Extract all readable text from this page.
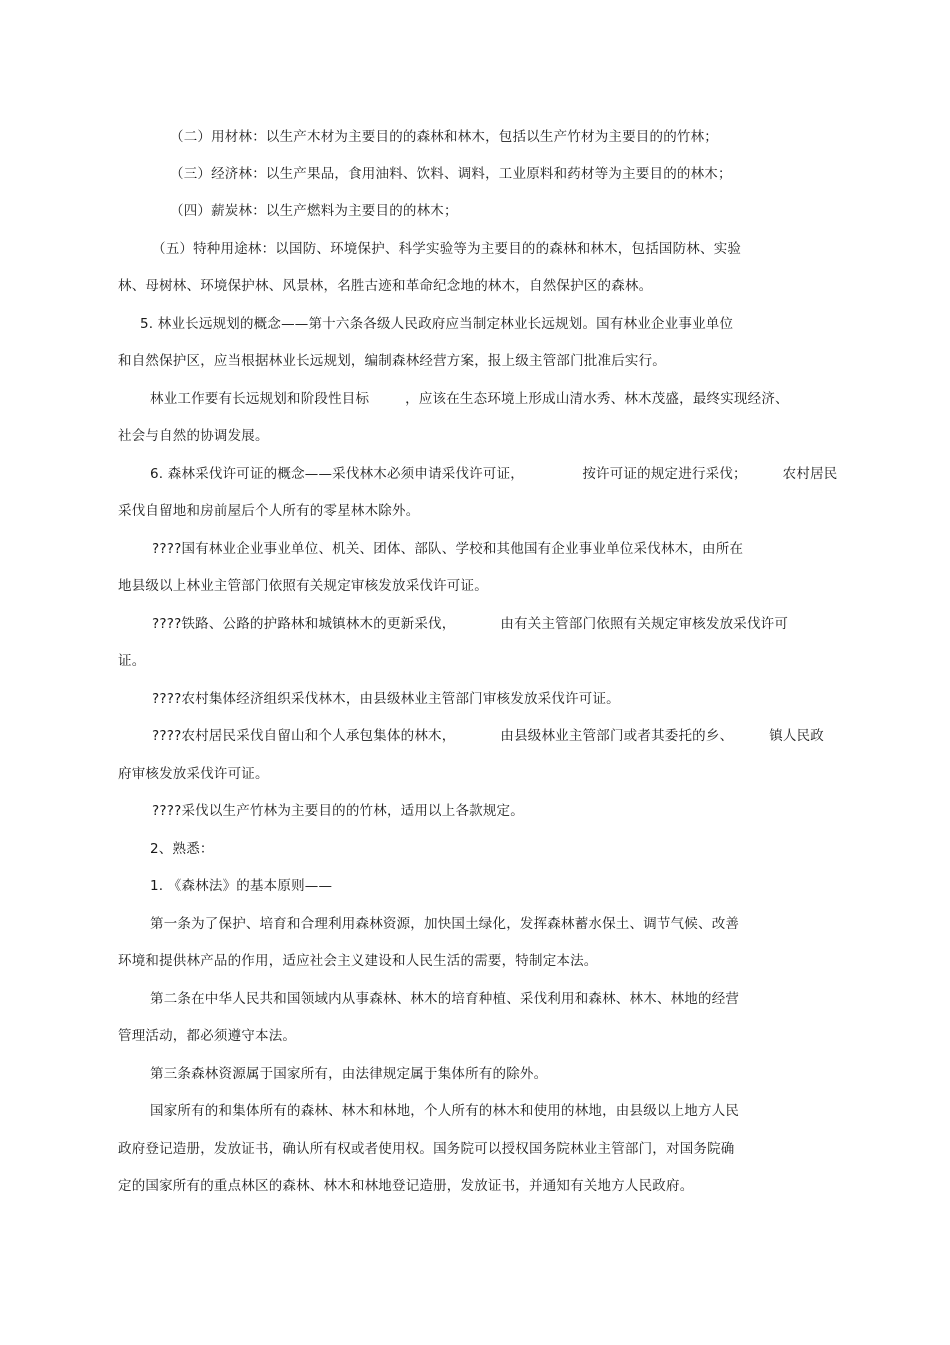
（二）用材林：以生产木材为主要目的的森林和林木，包括以生产竹材为主要目的的竹林；
（三）经济林：以生产果品，食用油料、饮料、调料，工业原料和药材等为主要目的的林木；
（四）薪炭林：以生产燃料为主要目的的林木；
（五）特种用途林：以国防、环境保护、科学实验等为主要目的的森林和林木，包括国防林、实验
林、母树林、环境保护林、风景林，名胜古迹和革命纪念地的林木，自然保护区的森林。
5. 林业长远规划的概念——第十六条各级人民政府应当制定林业长远规划。国有林业企业事业单位
和自然保护区，应当根据林业长远规划，编制森林经营方案，报上级主管部门批准后实行。
林业工作要有长远规划和阶段性目标        ，应该在生态环境上形成山清水秀、林木茂盛，最终实现经济、
社会与自然的协调发展。
6. 森林采伐许可证的概念——采伐林木必须申请采伐许可证，             按许可证的规定进行采伐；        农村居民
采伐自留地和房前屋后个人所有的零星林木除外。
????国有林业企业事业单位、机关、团体、部队、学校和其他国有企业事业单位采伐林木，由所在
地县级以上林业主管部门依照有关规定审核发放采伐许可证。
????铁路、公路的护路林和城镇林木的更新采伐，          由有关主管部门依照有关规定审核发放采伐许可
证。
????农村集体经济组织采伐林木，由县级林业主管部门审核发放采伐许可证。
????农村居民采伐自留山和个人承包集体的林木，          由县级林业主管部门或者其委托的乡、        镇人民政
府审核发放采伐许可证。
????采伐以生产竹林为主要目的的竹林，适用以上各款规定。
2、熟悉：
1. 《森林法》的基本原则——
第一条为了保护、培育和合理利用森林资源，加快国土绿化，发挥森林蓄水保土、调节气候、改善
环境和提供林产品的作用，适应社会主义建设和人民生活的需要，特制定本法。
第二条在中华人民共和国领域内从事森林、林木的培育种植、采伐利用和森林、林木、林地的经营
管理活动，都必须遵守本法。
第三条森林资源属于国家所有，由法律规定属于集体所有的除外。
国家所有的和集体所有的森林、林木和林地，个人所有的林木和使用的林地，由县级以上地方人民
政府登记造册，发放证书，确认所有权或者使用权。国务院可以授权国务院林业主管部门，对国务院确
定的国家所有的重点林区的森林、林木和林地登记造册，发放证书，并通知有关地方人民政府。
